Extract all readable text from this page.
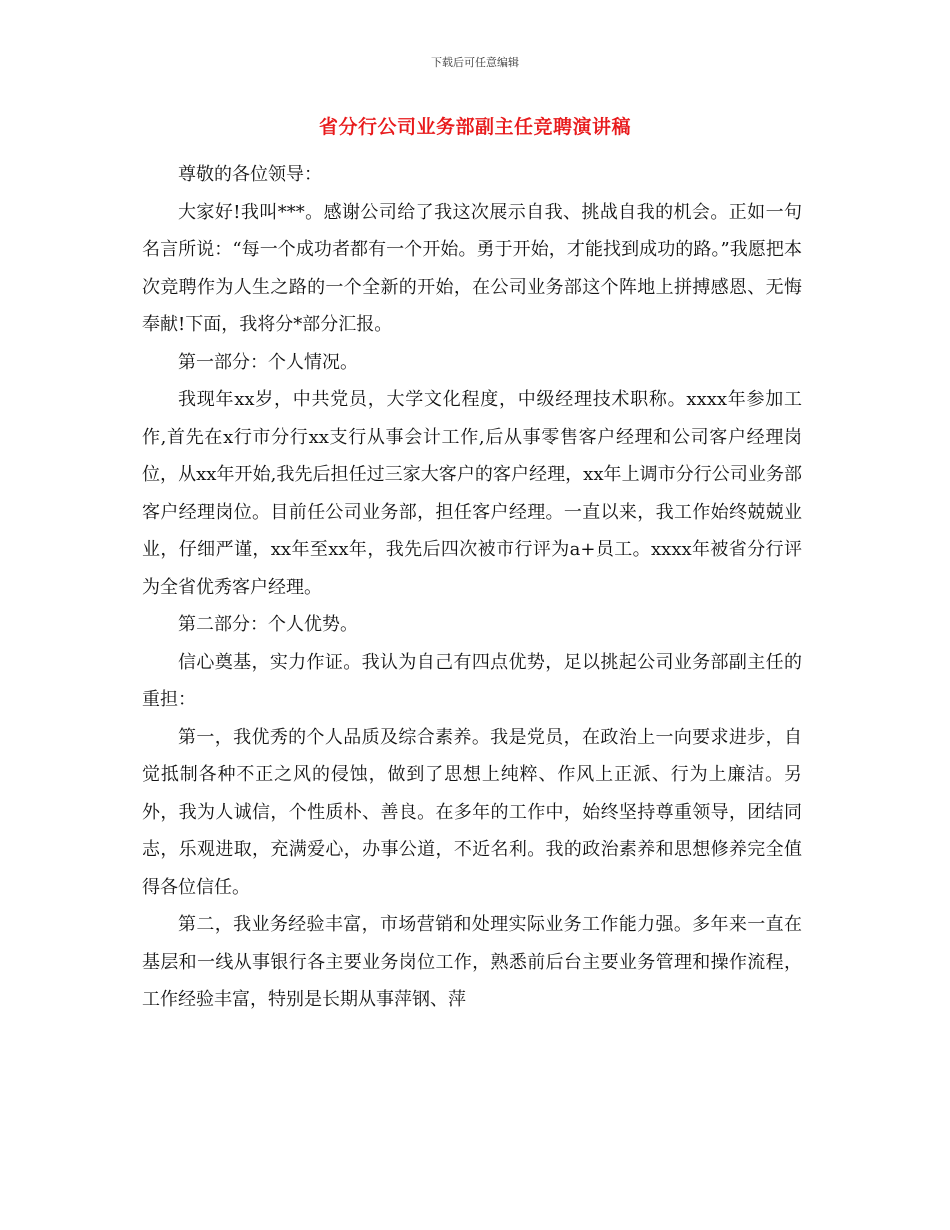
下载后可任意编辑
省分行公司业务部副主任竞聘演讲稿

尊敬的各位领导：

大家好!我叫***。感谢公司给了我这次展示自我、挑战自我的机会。正如一句名言所说：“每一个成功者都有一个开始。勇于开始，才能找到成功的路。”我愿把本次竞聘作为人生之路的一个全新的开始，在公司业务部这个阵地上拼搏感恩、无悔奉献!下面，我将分*部分汇报。

第一部分：个人情况。

我现年xx岁，中共党员，大学文化程度，中级经理技术职称。xxxx年参加工作,首先在x行市分行xx支行从事会计工作,后从事零售客户经理和公司客户经理岗位，从xx年开始,我先后担任过三家大客户的客户经理，xx年上调市分行公司业务部客户经理岗位。目前任公司业务部，担任客户经理。一直以来，我工作始终兢兢业业，仔细严谨，xx年至xx年，我先后四次被市行评为a+员工。xxxx年被省分行评为全省优秀客户经理。

第二部分：个人优势。

信心奠基，实力作证。我认为自己有四点优势，足以挑起公司业务部副主任的重担：

第一，我优秀的个人品质及综合素养。我是党员，在政治上一向要求进步，自觉抵制各种不正之风的侵蚀，做到了思想上纯粹、作风上正派、行为上廉洁。另外，我为人诚信，个性质朴、善良。在多年的工作中，始终坚持尊重领导，团结同志，乐观进取，充满爱心，办事公道，不近名利。我的政治素养和思想修养完全值得各位信任。

第二，我业务经验丰富，市场营销和处理实际业务工作能力强。多年来一直在基层和一线从事银行各主要业务岗位工作，熟悉前后台主要业务管理和操作流程，工作经验丰富，特别是长期从事萍钢、萍
